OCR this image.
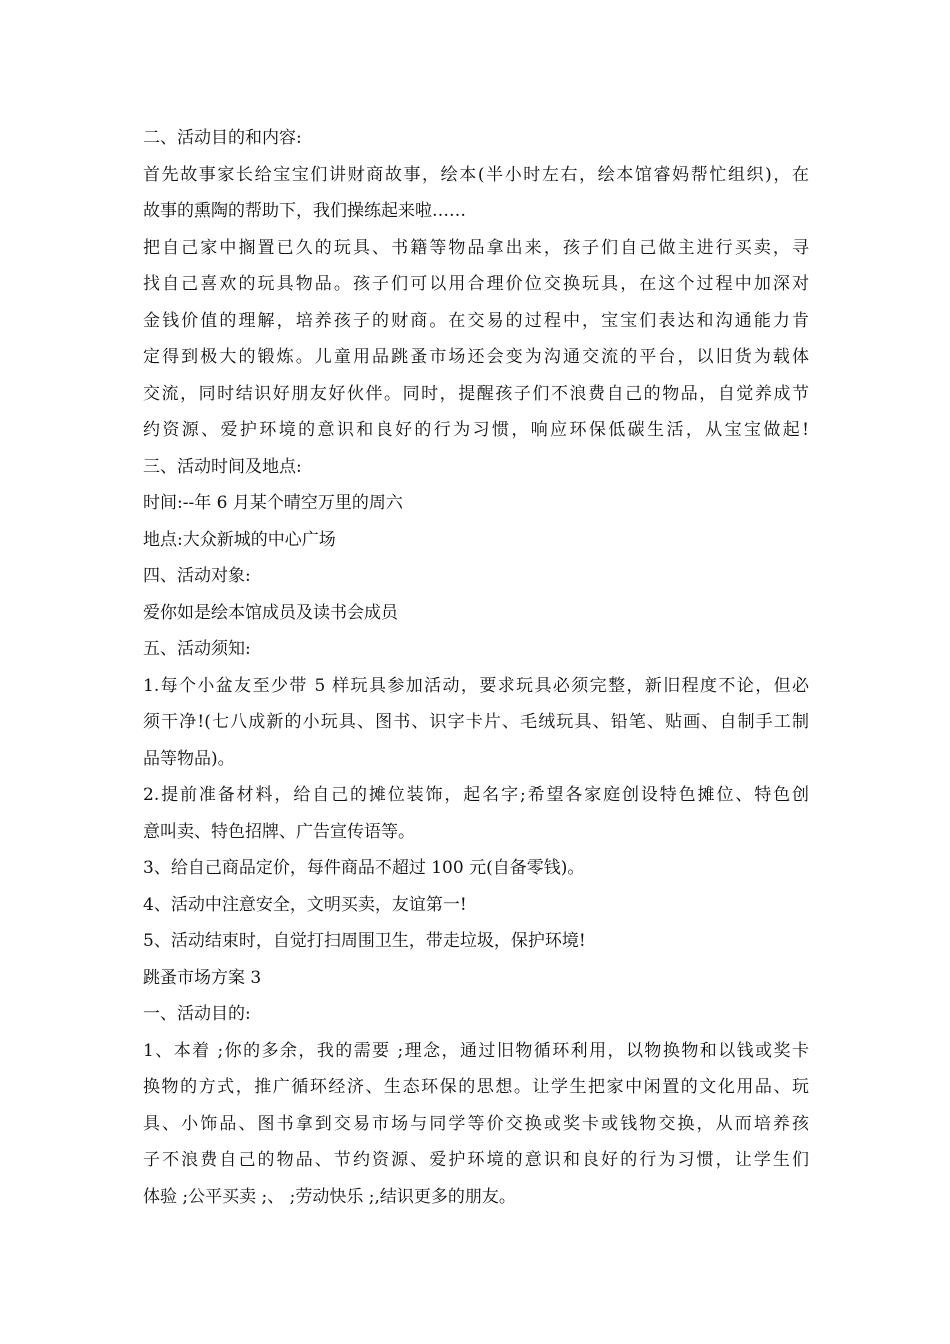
二、活动目的和内容:
首先故事家长给宝宝们讲财商故事，绘本(半小时左右，绘本馆睿妈帮忙组织)，在
故事的熏陶的帮助下，我们操练起来啦……
把自己家中搁置已久的玩具、书籍等物品拿出来，孩子们自己做主进行买卖，寻
找自己喜欢的玩具物品。孩子们可以用合理价位交换玩具，在这个过程中加深对
金钱价值的理解，培养孩子的财商。在交易的过程中，宝宝们表达和沟通能力肯
定得到极大的锻炼。儿童用品跳蚤市场还会变为沟通交流的平台，以旧货为载体
交流，同时结识好朋友好伙伴。同时，提醒孩子们不浪费自己的物品，自觉养成节
约资源、爱护环境的意识和良好的行为习惯，响应环保低碳生活，从宝宝做起!
三、活动时间及地点:
时间:--年 6 月某个晴空万里的周六
地点:大众新城的中心广场
四、活动对象:
爱你如是绘本馆成员及读书会成员
五、活动须知:
1.每个小盆友至少带 5 样玩具参加活动，要求玩具必须完整，新旧程度不论，但必
须干净!(七八成新的小玩具、图书、识字卡片、毛绒玩具、铅笔、贴画、自制手工制
品等物品)。
2.提前准备材料，给自己的摊位装饰，起名字;希望各家庭创设特色摊位、特色创
意叫卖、特色招牌、广告宣传语等。
3、给自己商品定价，每件商品不超过 100 元(自备零钱)。
4、活动中注意安全，文明买卖，友谊第一!
5、活动结束时，自觉打扫周围卫生，带走垃圾，保护环境!
跳蚤市场方案 3
一、活动目的:
1、本着 ;你的多余，我的需要 ;理念，通过旧物循环利用，以物换物和以钱或奖卡
换物的方式，推广循环经济、生态环保的思想。让学生把家中闲置的文化用品、玩
具、小饰品、图书拿到交易市场与同学等价交换或奖卡或钱物交换，从而培养孩
子不浪费自己的物品、节约资源、爱护环境的意识和良好的行为习惯，让学生们
体验 ;公平买卖 ;、 ;劳动快乐 ;,结识更多的朋友。
